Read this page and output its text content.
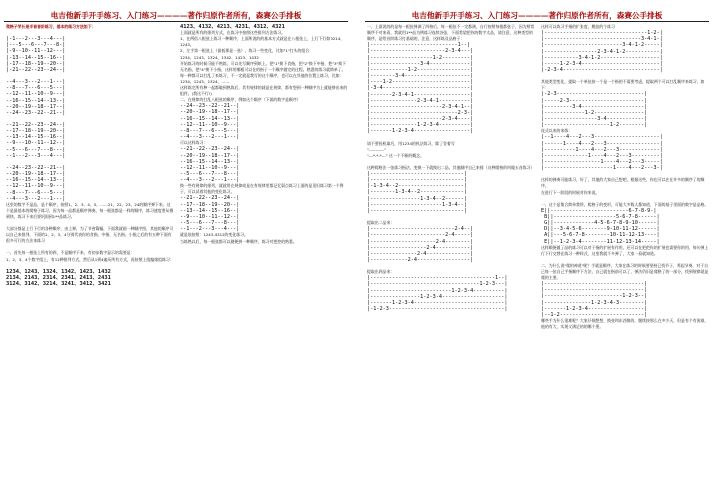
电吉他新手开手练习、入门练习————著作归原作者所有，森赛公手排板

爬格子学长是半音音阶练习，基本的练习方法如下：

|-1---2---3---4---|
|---5---6---7---8-|
|-9--10--11--12---|
|-13--14--15--16--|
|-17--18--19--20--|
|-21--22--23--24--|
--4---3---2---1---|
--8---7---6---5---|
--12--11--10--9---|
--16--15--14--13--|
--20--19--18--17--|
--24--23--22--21--|
--21--22--23--24--|
--17--18--19--20--|
--13--14--15--16--|
--9---10--11--12--|
--5---6---7---8---|
--1---2---3---4---|
--24--23--22--21--|
--20--19--18--17--|
--16--15--14--13--|
--12--11--10--9---|
--8---7---6---5---|
--4---3---2---1---|

这里的数字不是品，是个顺序，按照1、2、3、4、5、……21、22、23、24的顺序弹下来。这个是最基本的爬格子练习，因为每一品都是顺序弹奏，每一根弦都是一样的顺序，练习速度要从慢到快，练习下来后要巩固到1**品练习。

大部分都是上行下行的各种顺序，由上弹，为了节省篇幅，下面我就画一种顺序图，其他的顺序可以自己来排列，下面的1、2、3、4分别代表你的食指、中指、无名指、小指之后的有五种下面有很多可行的方法来练习

一、首先每一根弦上所有的四，不是顺序下来，有初步数字显示的需要是：

1、2、3、4个数字组上，有12种排列方式，然后从1到4遍历所有方式，再按照上组编排组练习：

1234、1243、1324、1342、1423、1432
2134、2143、2314、2341、2413、2431
3124、3142、3214、3241、3412、3421

4123、4132、4213、4231、4312、4321

上面就是所有的排列方式，在练习中按照这些排列方法练习。

1、在两倍八根弦上练习一种顺序，上面所说的的基本方式就是在八根弦上，上行下行如3214、1243。

2、左手第一根弦上（最低那是一弦），练习一些变化，比如"1"打头的组合：

1234、1243、1324、1342、1423、1432

开始练习的时候可能不熟练，可以先写顺序到纸上。把"1"换下食指，把"2"换下中指，把"3"换下无名指，把"4"换下小指，这样用哪根可以在的指子一个顺序做完的过程。熟悉的练习就简单了。

每一种都可以打乱了来练习，不一定就是我写的这个顺序，也可以在其他的位置上练习，比如：

1234、1243、1324、……

这样练完所有种一起都做到熟练后，其有规律的就是在规律，都有想到一种顺序为上就能够出来的组件。(我这不行!)

二、在规律的打乱八根弦的顺序，例如这个顺序（下面的数字是顺序）

--24--23--22--21--|
--20--19--18--17--|
--16--15--14--13--|
--12--11--10--9---|
--8---7---6---5---|
--4---3---2---1---|

可以这样练习：

--21--22--23--24--|
--20--19--18--17--|
--16--15--14--13--|
--12--11--10--9---|
--5---6---7---8---|
--4---3---2---1---|

换一些有规律的排列，就就用在规律或是在有规律里都记忆弱点练习上面的是见识练习第一个例子，可以试着其他的变化练习。

--21--22--23--24--|
--17--18--19--20--|
--13--14--15--16--|
--9---10--11--12--|
--5---6---7---8---|
--1---2---3---4---|

就是依按照：1243-4312的变化练习。

当练熟以后，每一根弦都可以随便拼一种顺序，练习对把控的熟悉。

电吉他新手开手练习、入门练习————著作归原作者所有，森赛公手排板

一、上面说的的是每一根弦弹满了四格后，每一根弦不一定都满，自行按照每根都弦子，因为照常顺序不对来看，我就用1**品为例练习连续各弦，下面希望把你的数字太品，请注意，这种类型的顺序，是给音阶练习打基础的，注意，这样练及品格子：

|----------------------------1--|
|------------------------2-3-4---|
|--------------------1-2---------|
|----------------3-4-------------|
|------------1-2-----------------|
|--------3-4---------------------|
|----1-2-------------------------|
|-3-4----------------------------|
|-------2-3-4-1------------------|
|---------------2-3-4-1----------|
|-----------------------2-3-4-1--|
|----------------------------2-3-|
|-----------------------2-3-4----|
|---------------1-2-3-4----------|
|-------1-2-3-4------------------|

请不要投机取巧，用1234的执法练习，除了竖着写

"-----------"

"---*-*-*---" 这一个不断的概念。

这种爬格法一弦练习指法，变换一下就换出二品，其他顺序自己来排（这种爬格的叫做五音练习）

|------------------------------|
|------------------------------|
|-1-3-4--2---------------------|
|--------1-3-4--2--------------|
|----------------1-3-4--2------|
|-----------------------1-3-4--|
|------------------------------|

提取出二品来：

|---------------------------2-4--|
|------------------------2-4-----|
|---------------------2-4--------|
|------------------2-4-----------|
|---------------2-4--------------|
|------------2-4-----------------|

提取出四品来：

|----------------------------------------1--|
|-----------------------------------1-2-3---|
|--------------------------1-2-3-4----------|
|----------------1-2-3-4--------------------|
|-------1-2-3-4-----------------------------|
|-1-2-3-------------------------------------|

这样可以练习手指的扩张度，跳弦的个练习

|---------------------------------1-2-|
|-------------------------------3-4-1-|
|-------------------------3-4-1-2-----|
|-----------------2-3-4-1-2-----------|
|-----------3-4-1-2-------------------|
|-----1-2-3-4-------------------------|
|-2-3-4-------------------------------|

其他类型变化，提取一个单弦按一个是一个指的不需要考虑，提取两个可以打乱顺序来练习，如下：

|-2-3----------------------------|
|-----2-3------------------------|
|---------3-4--------------------|
|-------------1-2----------------|
|-----------------3-4------------|
|---------------------1-2--------|

连式以来的来练：

|--1----4---2---3---------------------|
|------1----4---2---3-----------------|
|----------1----4---2---3-------------|
|--------------1----4---2---3---------|
|------------------1----4---2---3-----|
|----------------------1----4---2---3-|

这样的弹奏可能练习，好了，其他的大家自己想吧，根据这些，你也可以在在许多的顺序了的顺序。

在进行下一阶段的时候对你来说。

一、这个是集合简单我所，爬格子的变形，可能大多数人都知道，下面的基子里面的数字是品格。

E||-------------------------6-7-8-9-|
B||--------------------5-6-7-8------|
G||-------------4-5-6-7-8-9-10------|
D||--3-4-5-6--------9-10-11-12------|
A||---5-6-7-8--------10-11-12-13----|
E||--1-2-3-4--------11-12-13-14-----|

这样顺便做了品的练习可以对于指的扩展有作用，还可以在把把你的扩展也需要你的用，每句弹上行下行交替在练习一种样式，这里我就不多弹了，大家一看就知道。

二、为什么说"爬的神道"呢？手就是顺序，大家在练习的时候要坚持已找节子，养起节奏，对于自己每一弦自己手指顺序下方法，自己就在指前可以了，弹法仍旧是爬格了的一部分，找到规律就是爬的主要。

|--------------------------------|
|--------------------------------|
|-------------------------1-2-3--|
|---------------1-2-3-4-3--------|
|-------1-2-3-4------------------|
|--1-2---------------------------|

哪些手为什么很难呢？大家仔细想想，换弦和东西换的，继续按那么在多少天，但是有个有困难，他的有大，实现又满足的的哪个要。
